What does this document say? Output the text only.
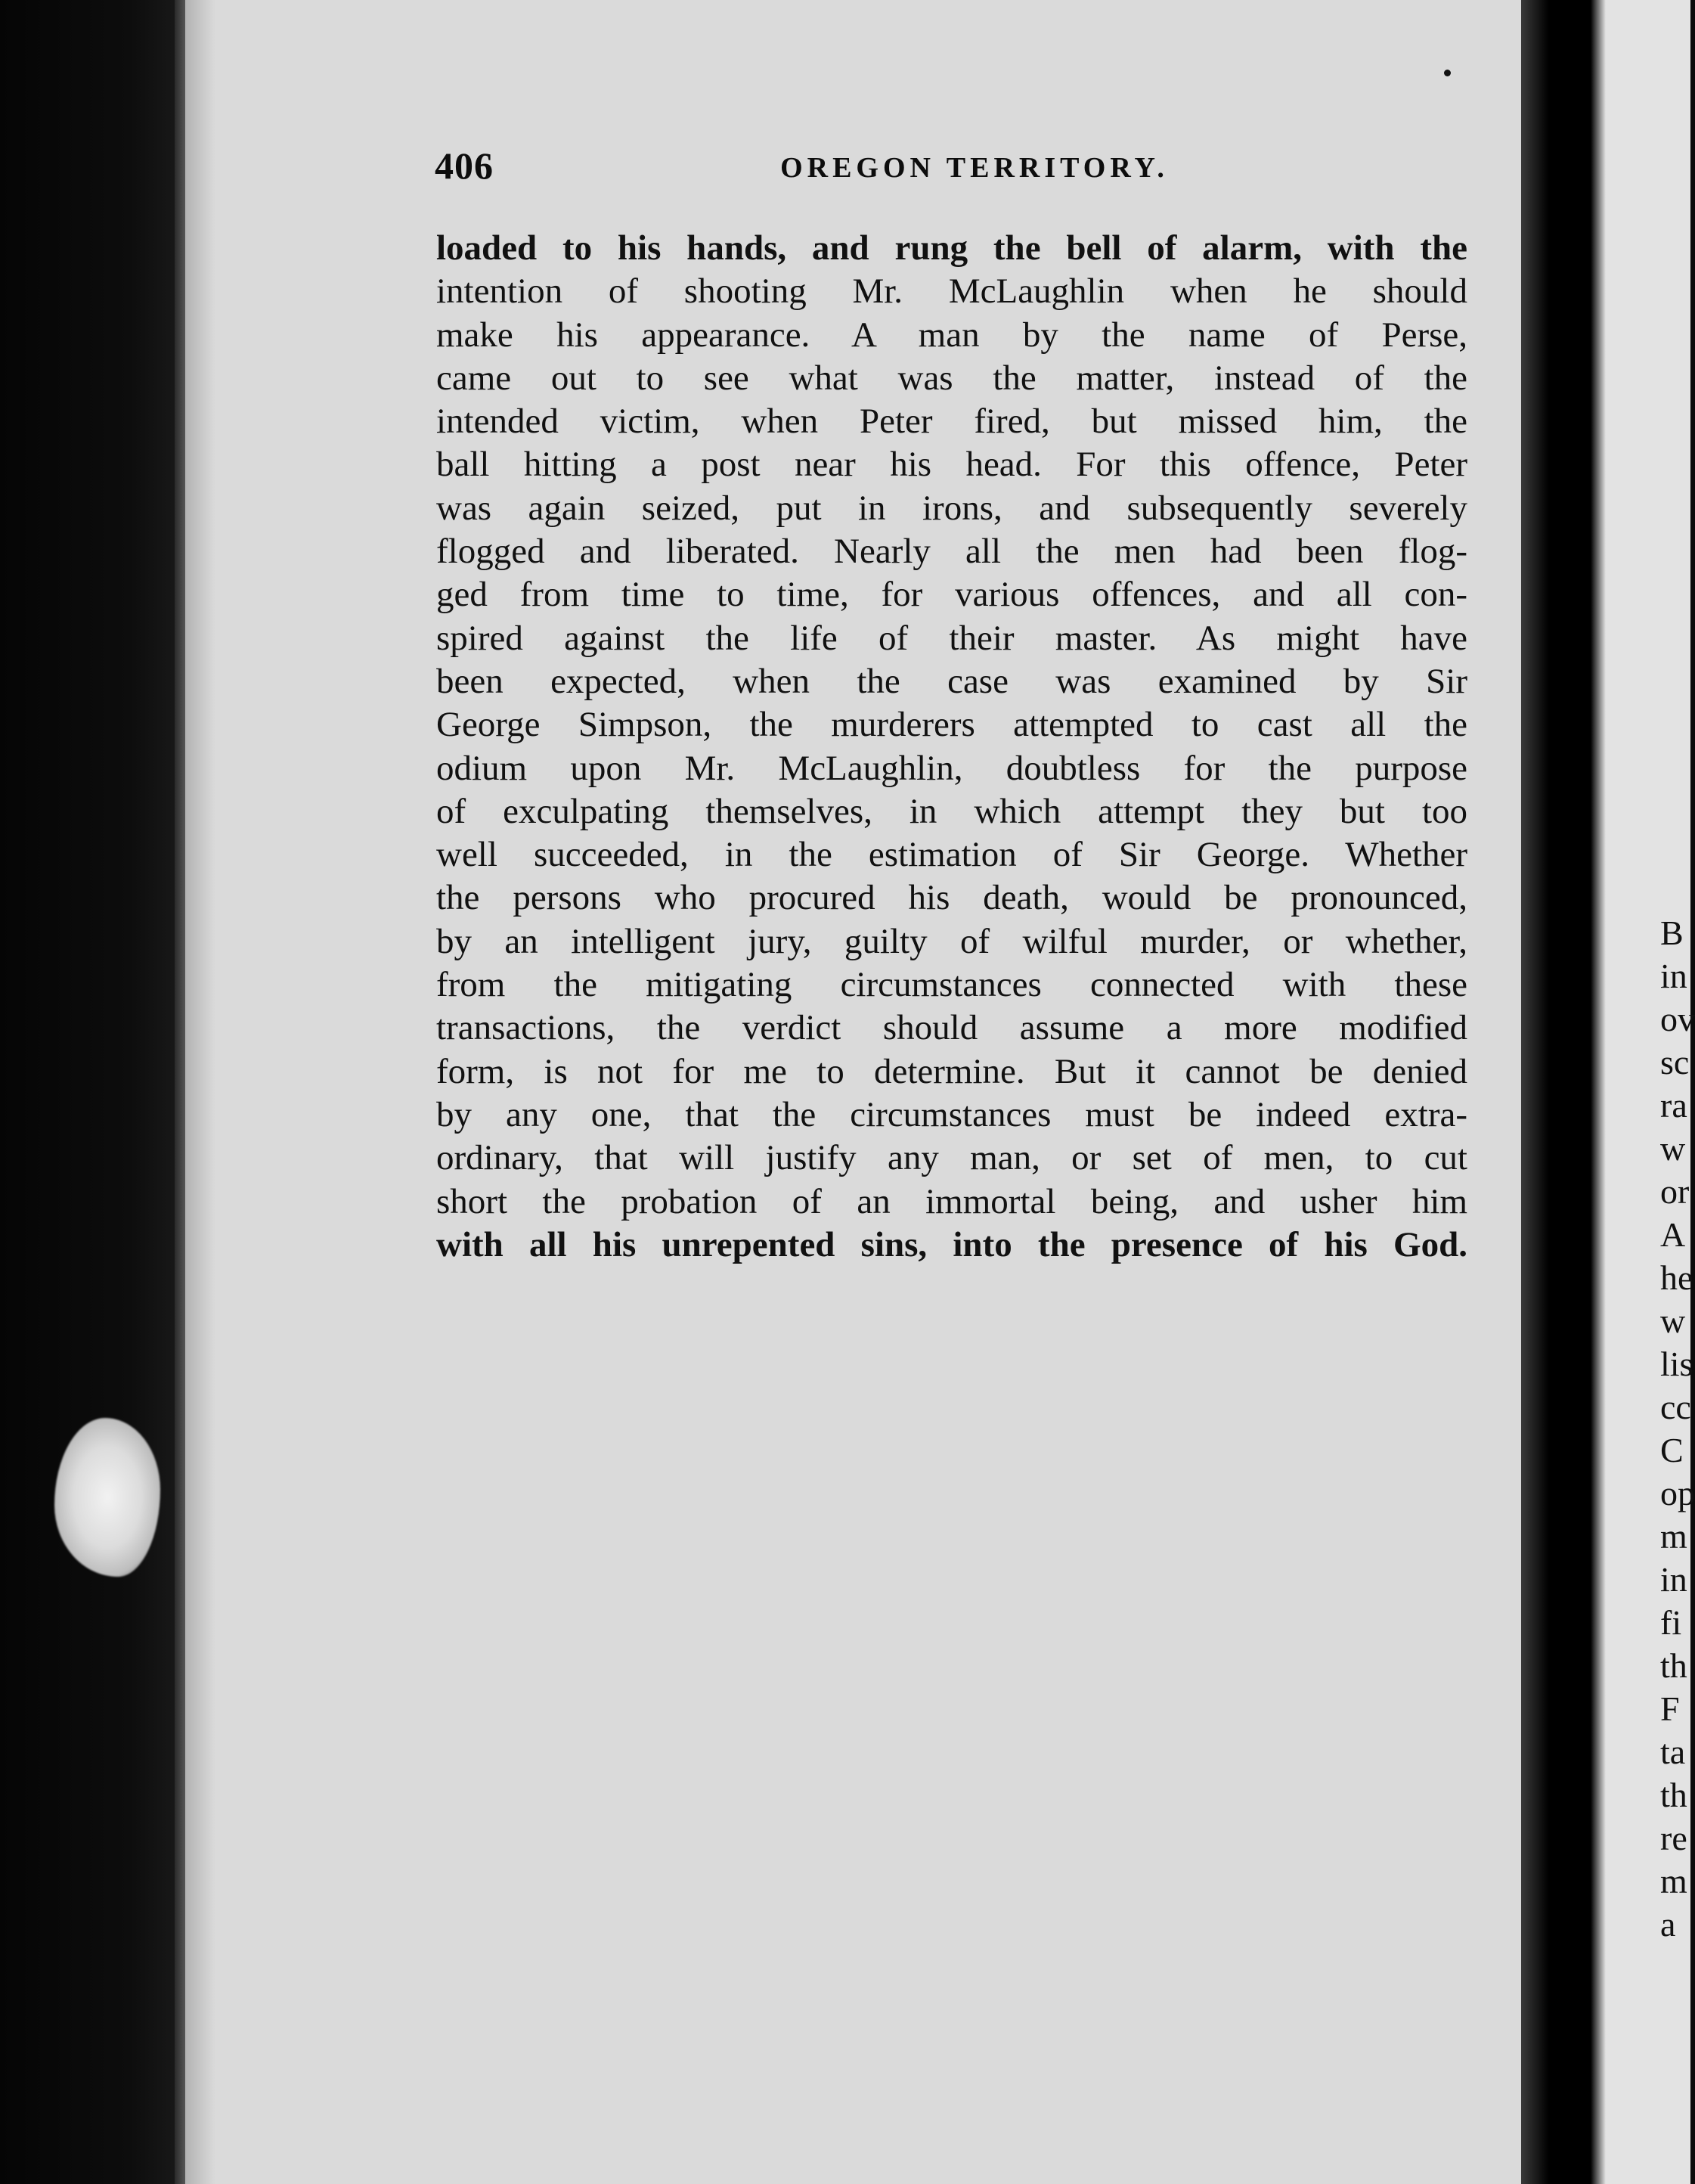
406	OREGON TERRITORY.
loaded to his hands, and rung the bell of alarm, with the
intention of shooting Mr. McLaughlin when he should
make his appearance. A man by the name of Perse,
came out to see what was the matter, instead of the
intended victim, when Peter fired, but missed him, the
ball hitting a post near his head. For this offence, Peter
was again seized, put in irons, and subsequently severely
flogged and liberated. Nearly all the men had been flog-
ged from time to time, for various offences, and all con-
spired against the life of their master. As might have
been expected, when the case was examined by Sir
George Simpson, the murderers attempted to cast all the
odium upon Mr. McLaughlin, doubtless for the purpose
of exculpating themselves, in which attempt they but too
well succeeded, in the estimation of Sir George. Whether
the persons who procured his death, would be pronounced,
by an intelligent jury, guilty of wilful murder, or whether,
from the mitigating circumstances connected with these
transactions, the verdict should assume a more modified
form, is not for me to determine. But it cannot be denied
by any one, that the circumstances must be indeed extra-
ordinary, that will justify any man, or set of men, to cut
short the probation of an immortal being, and usher him
with all his unrepented sins, into the presence of his God.
B
in
ov
sc
ra
w
or
A
he
w
lis
cc
C
op
m
in
fi
th
F
ta
th
re
m
a
